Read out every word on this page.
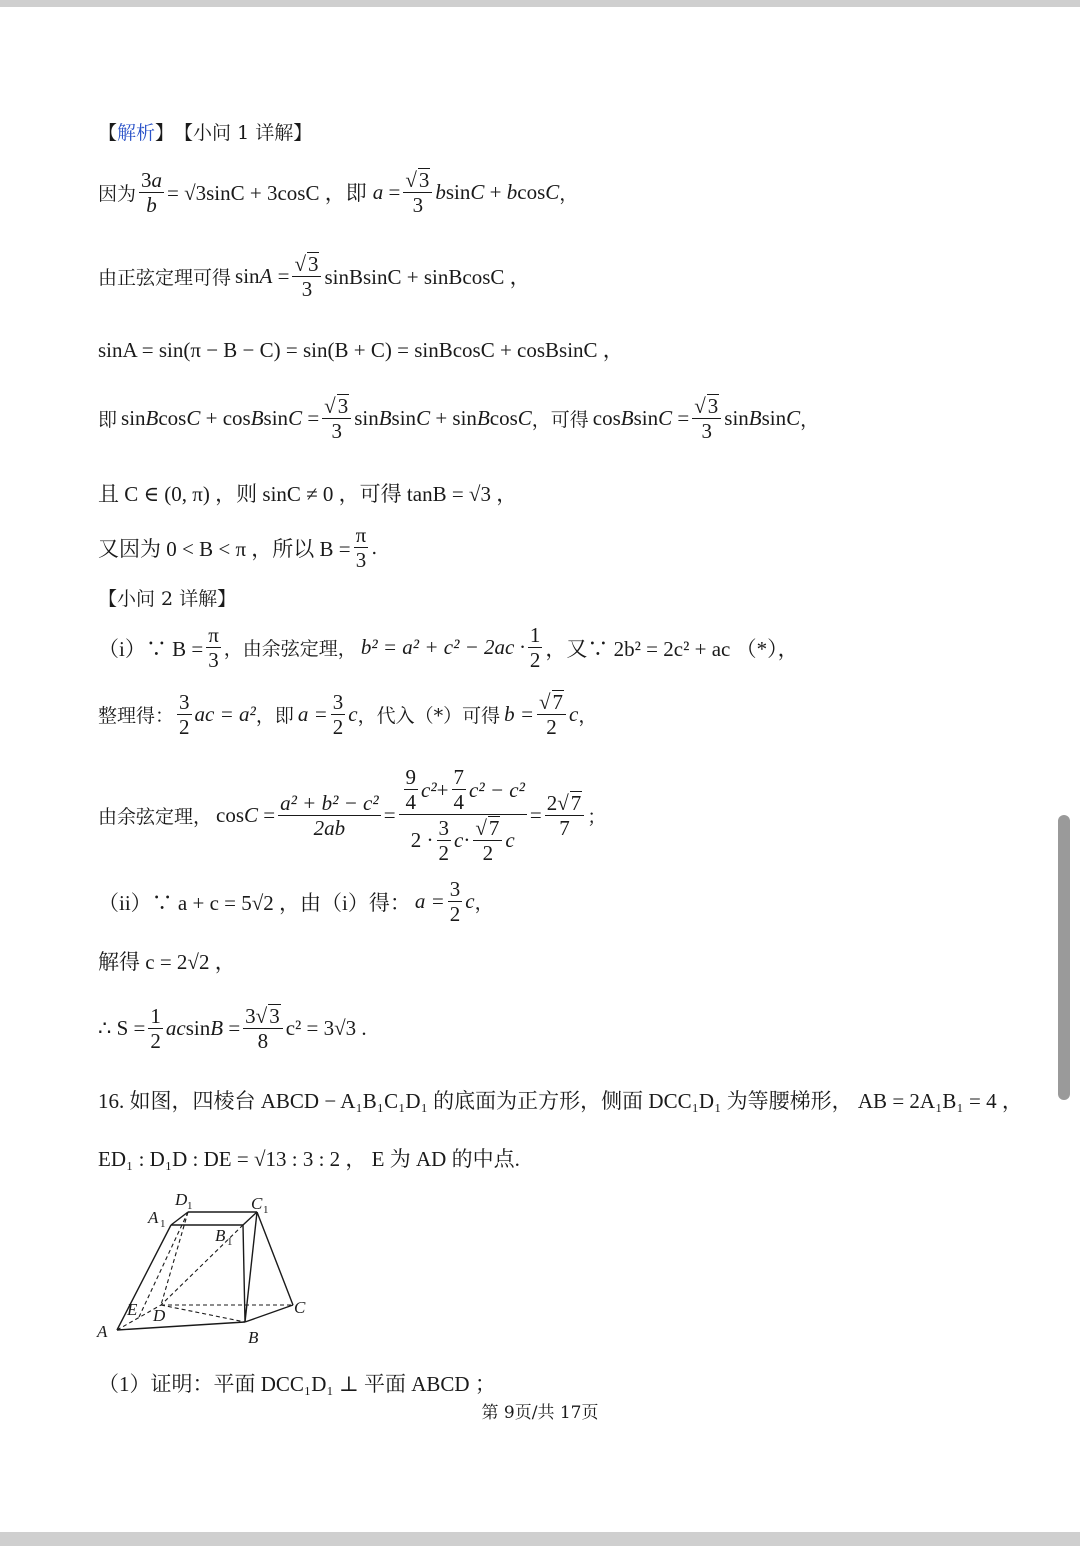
【 解析 】 【小问 1 详解】
因为 $\frac{3a}{b} = √3\sin C + 3\cos C$ ，即 $a = \frac{√3}{3}$ bsinC + bcosC ，
由正弦定理可得 $\sin A = \frac{√3}{3}$ sinBsinC + sinBcosC ，
sinA = sin(π − B − C) = sin(B + C) = sinBcosC + cosBsinC ，
即 sinBcosC + cosBsinC = $\frac{√3}{3}$ sinBsinC + sinBcosC ，可得 cosBsinC = $\frac{√3}{3}$ sinBsinC ，
且 C ∈ (0, π) ，则 sinC ≠ 0 ，可得 tanB = √3 ，
又因为 0 < B < π ，所以 $B = \frac{\pi}{3}$ .
【小问 2 详解】
（i）∵ $B = \frac{\pi}{3}$ ，由余弦定理， $b^2 = a^2 + c^2 - 2ac \cdot \frac{1}{2}$ ，又∵ 2b² = 2c² + ac （*），
整理得： $\frac{3}{2}$ ac = a² ，即 $a = \frac{3}{2}$ c ，代入（*）可得 $b = \frac{√7}{2}$ c ，
由余弦定理， $\cos C = \frac{\text{a² + b² − c²}}{2ab} = \frac{\frac{9}{4} c^2 + \frac{7}{4} c^2 - c^2}{2 \cdot \frac{3}{2} c \cdot \frac{√7}{2} c} = \frac{2√7}{7}$ ；
（ii）∵ a + c = 5√2 ，由（i）得： $a = \frac{3}{2}$ c ，
解得 c = 2√2 ，
∴ $S = \frac{1}{2}$ $acsinB = \frac{3√3}{8} c^2 = 3√3$ .
16. 如图，四棱台 ABCD − A₁B₁C₁D₁ 的底面为正方形，侧面 DCC₁D₁ 为等腰梯形， AB = 2A₁B₁ = 4 ，
ED₁ : D₁D : DE = √13 : 3 : 2 ， E 为 AD 的中点.
A	B
C
D
E
A 1
B 1
C 1
D 1
（1）证明：平面 DCC₁D₁ ⊥ 平面 ABCD ；
第 9页/共 17页
